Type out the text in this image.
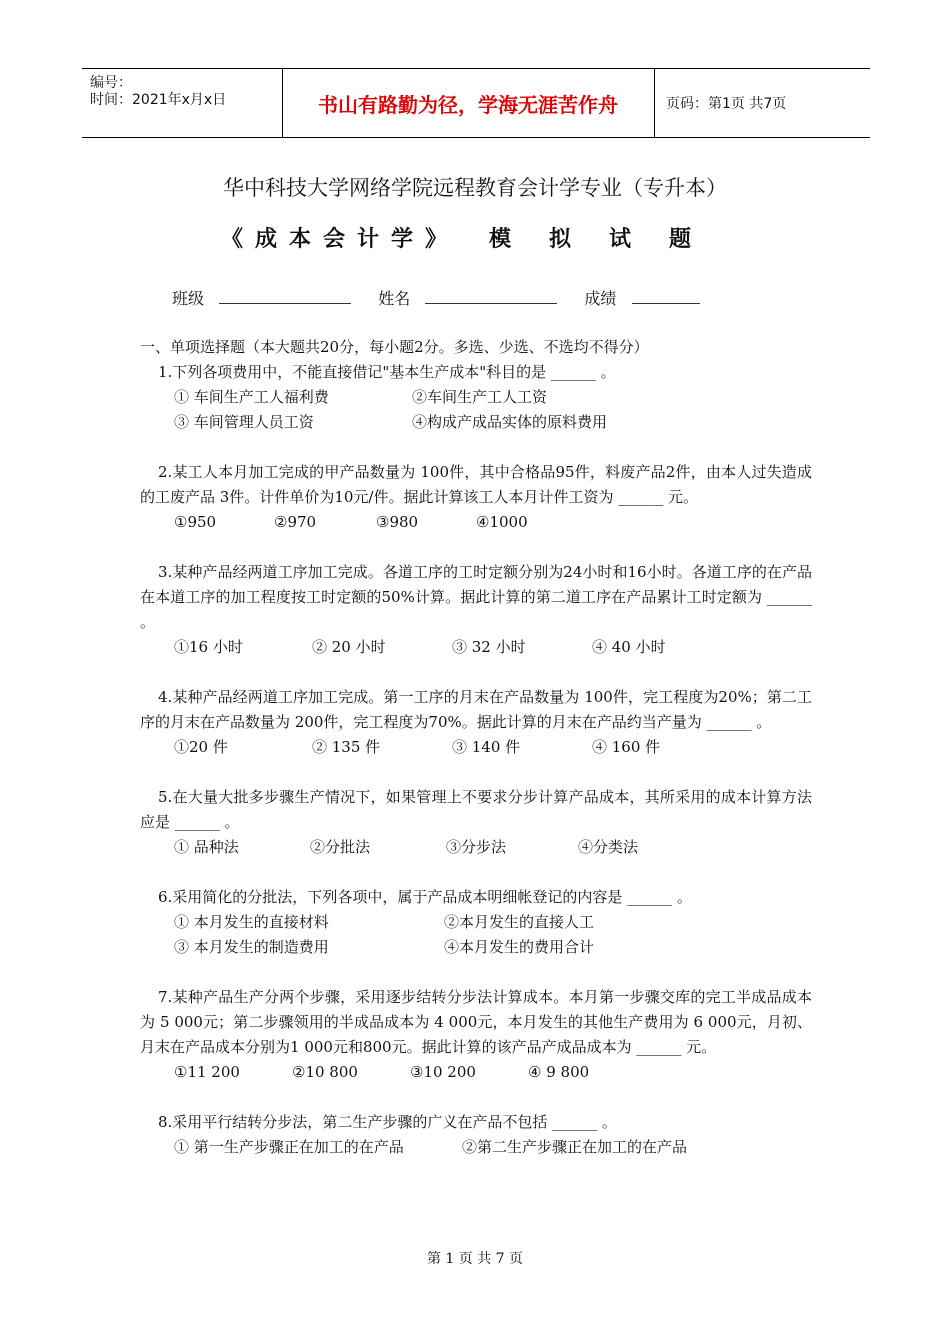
编号：
时间：2021年x月x日	书山有路勤为径，学海无涯苦作舟	页码：第1页 共7页
华中科技大学网络学院远程教育会计学专业（专升本）
《成本会计学》 模拟试题
班级	姓名	成绩
一、单项选择题（本大题共20分，每小题2分。多选、少选、不选均不得分）
1.下列各项费用中，不能直接借记"基本生产成本"科目的是 ______ 。
① 车间生产工人福利费	②车间生产工人工资
③ 车间管理人员工资	④构成产成品实体的原料费用
2.某工人本月加工完成的甲产品数量为 100件，其中合格品95件，料废产品2件，由本人过失造成的工废产品 3件。计件单价为10元/件。据此计算该工人本月计件工资为 ______ 元。
①950	②970	③980	④1000
3.某种产品经两道工序加工完成。各道工序的工时定额分别为24小时和16小时。各道工序的在产品在本道工序的加工程度按工时定额的50%计算。据此计算的第二道工序在产品累计工时定额为 ______ 。
①16 小时	② 20 小时	③ 32 小时	④ 40 小时
4.某种产品经两道工序加工完成。第一工序的月末在产品数量为 100件，完工程度为20%；第二工序的月末在产品数量为 200件，完工程度为70%。据此计算的月末在产品约当产量为 ______ 。
①20 件	② 135 件	③ 140 件	④ 160 件
5.在大量大批多步骤生产情况下，如果管理上不要求分步计算产品成本，其所采用的成本计算方法应是 ______ 。
① 品种法	②分批法	③分步法	④分类法
6.采用简化的分批法，下列各项中，属于产品成本明细帐登记的内容是 ______ 。
① 本月发生的直接材料	②本月发生的直接人工
③ 本月发生的制造费用	④本月发生的费用合计
7.某种产品生产分两个步骤，采用逐步结转分步法计算成本。本月第一步骤交库的完工半成品成本为 5 000元；第二步骤领用的半成品成本为 4 000元，本月发生的其他生产费用为 6 000元，月初、月末在产品成本分别为1 000元和800元。据此计算的该产品产成品成本为 ______ 元。
①11 200	②10 800	③10 200	④ 9 800
8.采用平行结转分步法，第二生产步骤的广义在产品不包括 ______ 。
① 第一生产步骤正在加工的在产品	②第二生产步骤正在加工的在产品
第 1 页 共 7 页
